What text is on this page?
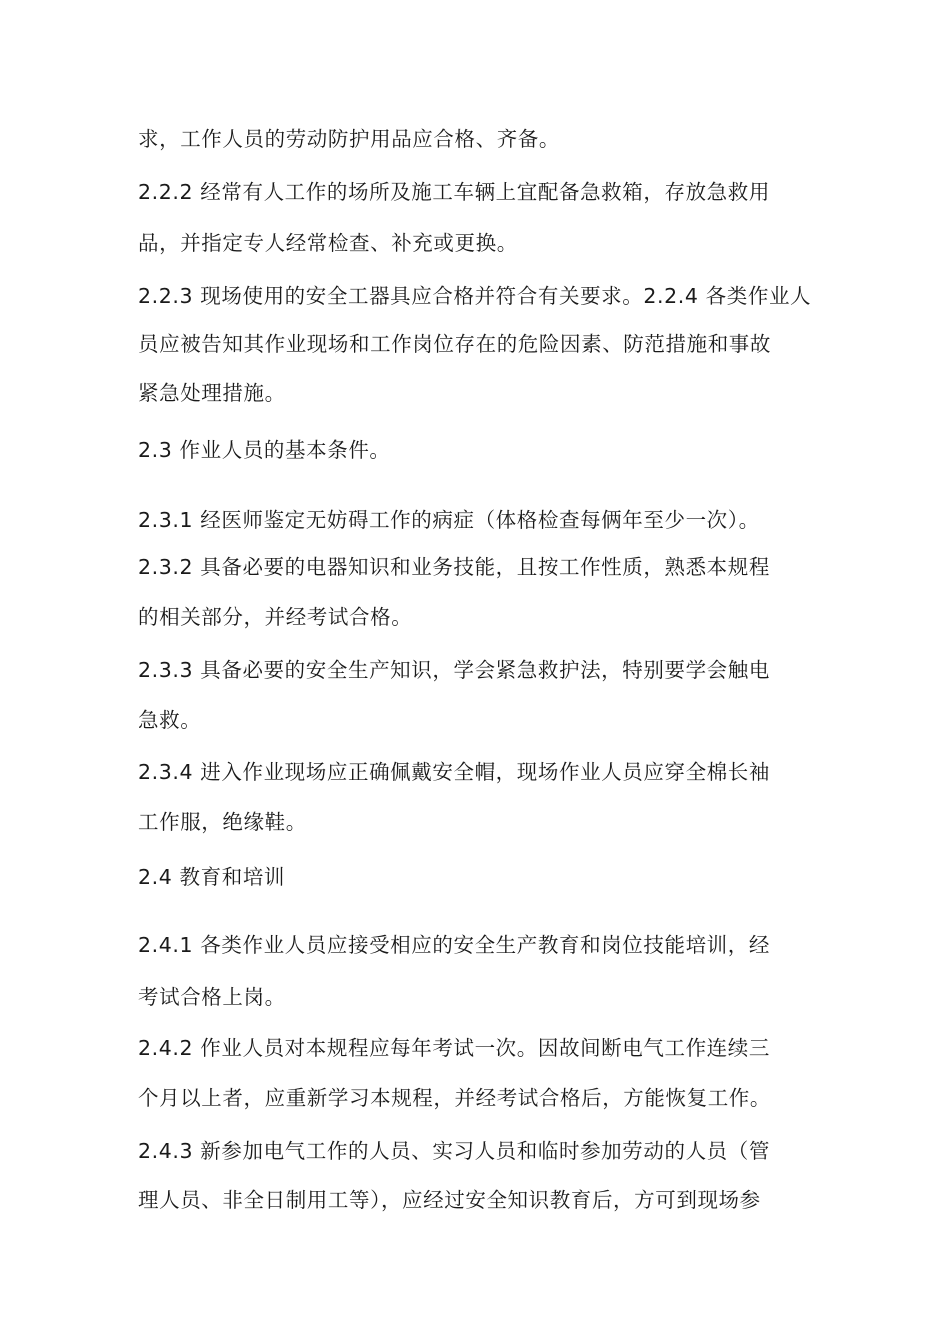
求，工作人员的劳动防护用品应合格、齐备。
2.2.2 经常有人工作的场所及施工车辆上宜配备急救箱，存放急救用
品，并指定专人经常检查、补充或更换。
2.2.3 现场使用的安全工器具应合格并符合有关要求。2.2.4 各类作业人
员应被告知其作业现场和工作岗位存在的危险因素、防范措施和事故
紧急处理措施。
2.3 作业人员的基本条件。
2.3.1 经医师鉴定无妨碍工作的病症（体格检查每俩年至少一次）。
2.3.2 具备必要的电器知识和业务技能，且按工作性质，熟悉本规程
的相关部分，并经考试合格。
2.3.3 具备必要的安全生产知识，学会紧急救护法，特别要学会触电
急救。
2.3.4 进入作业现场应正确佩戴安全帽，现场作业人员应穿全棉长袖
工作服，绝缘鞋。
2.4 教育和培训
2.4.1 各类作业人员应接受相应的安全生产教育和岗位技能培训，经
考试合格上岗。
2.4.2 作业人员对本规程应每年考试一次。因故间断电气工作连续三
个月以上者，应重新学习本规程，并经考试合格后，方能恢复工作。
2.4.3 新参加电气工作的人员、实习人员和临时参加劳动的人员（管
理人员、非全日制用工等），应经过安全知识教育后，方可到现场参
